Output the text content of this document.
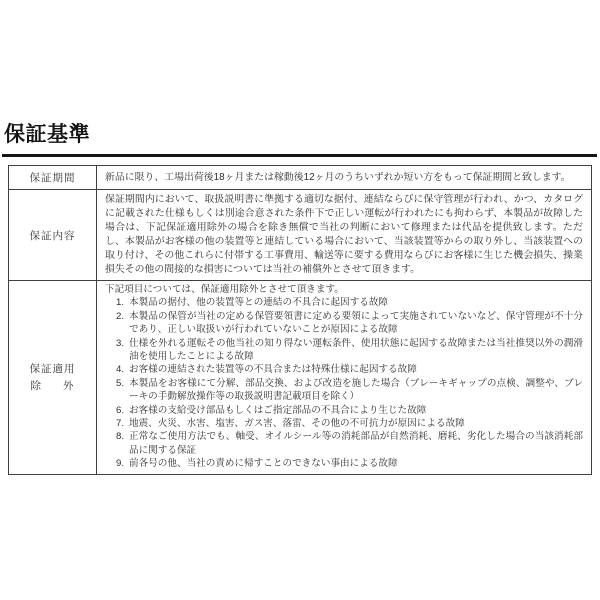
保証基準
保証期間	新品に限り、工場出荷後18ヶ月または稼動後12ヶ月のうちいずれか短い方をもって保証期間と致します。
保証内容
保証期間内において、取扱説明書に準拠する適切な据付、連結ならびに保守管理が行われ、かつ、カタログに記載された仕様もしくは別途合意された条件下で正しい運転が行われたにも拘わらず、本製品が故障した場合は、下記保証適用除外の場合を除き無償で当社の判断において修理または代品を提供致します。ただし、本製品がお客様の他の装置等と連結している場合において、当該装置等からの取り外し、当該装置への取り付け、その他これらに付帯する工事費用、輸送等に要する費用ならびにお客様に生じた機会損失、操業損失その他の間接的な損害については当社の補償外とさせて頂きます。
保証適用
除 外
下記項目については、保証適用除外とさせて頂きます。
1. 本製品の据付、他の装置等との連結の不具合に起因する故障
2. 本製品の保管が当社の定める保管要領書に定める要領によって実施されていないなど、保守管理が不十分であり、正しい取扱いが行われていないことが原因による故障
3. 仕様を外れる運転その他当社の知り得ない運転条件、使用状態に起因する故障または当社推奨以外の潤滑油を使用したことによる故障
4. お客様の連結された装置等の不具合または特殊仕様に起因する故障
5. 本製品をお客様にて分解、部品交換、および改造を施した場合（ブレーキギャップの点検、調整や、ブレーキの手動解放操作等の取扱説明書記載項目を除く）
6. お客様の支給受け部品もしくはご指定部品の不具合により生じた故障
7. 地震、火災、水害、塩害、ガス害、落雷、その他の不可抗力が原因による故障
8. 正常なご使用方法でも、軸受、オイルシール等の消耗部品が自然消耗、磨耗、劣化した場合の当該消耗部品に関する保証
9. 前各号の他、当社の責めに帰すことのできない事由による故障
